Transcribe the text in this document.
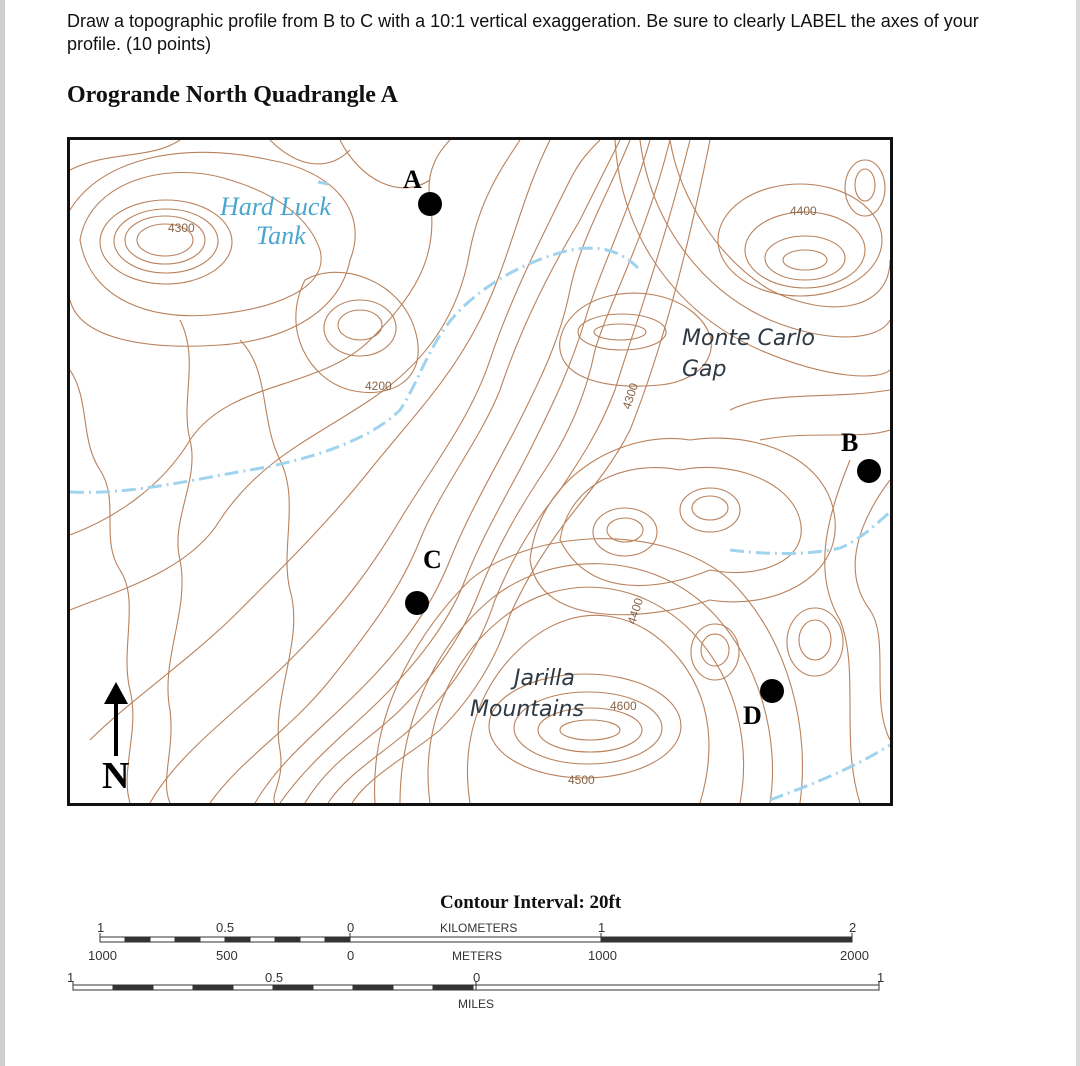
Draw a topographic profile from B to C with a 10:1 vertical exaggeration. Be sure to clearly LABEL the axes of your profile. (10 points)
Orogrande North Quadrangle A
4300
4400
4200	4300
4400
4600
4500
Hard Luck
Tank
Monte Carlo
Gap
Jarilla
Mountains
A
B
C
D
N
Contour Interval: 20ft
1	0.5	0	KILOMETERS	1	2
1000	500	0	METERS	1000	2000
1	0.5	0	1
MILES
